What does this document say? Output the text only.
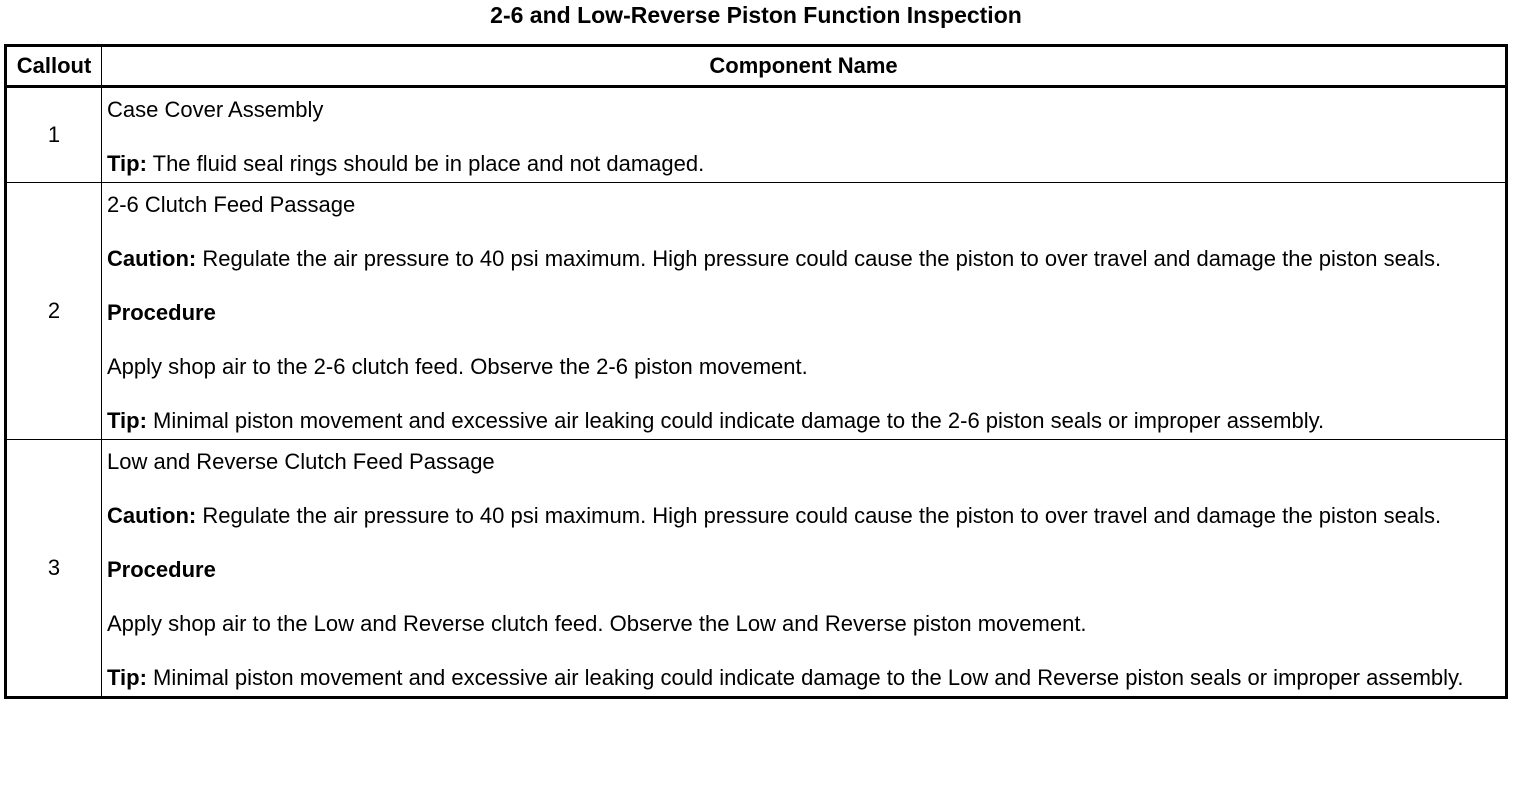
2-6 and Low-Reverse Piston Function Inspection
Callout	Component Name
1	Case Cover Assembly

Tip: The fluid seal rings should be in place and not damaged.

2	2-6 Clutch Feed Passage

Caution: Regulate the air pressure to 40 psi maximum. High pressure could cause the piston to over travel and damage the piston seals.

Procedure

Apply shop air to the 2-6 clutch feed. Observe the 2-6 piston movement.

Tip: Minimal piston movement and excessive air leaking could indicate damage to the 2-6 piston seals or improper assembly.

3	Low and Reverse Clutch Feed Passage

Caution: Regulate the air pressure to 40 psi maximum. High pressure could cause the piston to over travel and damage the piston seals.

Procedure

Apply shop air to the Low and Reverse clutch feed. Observe the Low and Reverse piston movement.

Tip: Minimal piston movement and excessive air leaking could indicate damage to the Low and Reverse piston seals or improper assembly.
